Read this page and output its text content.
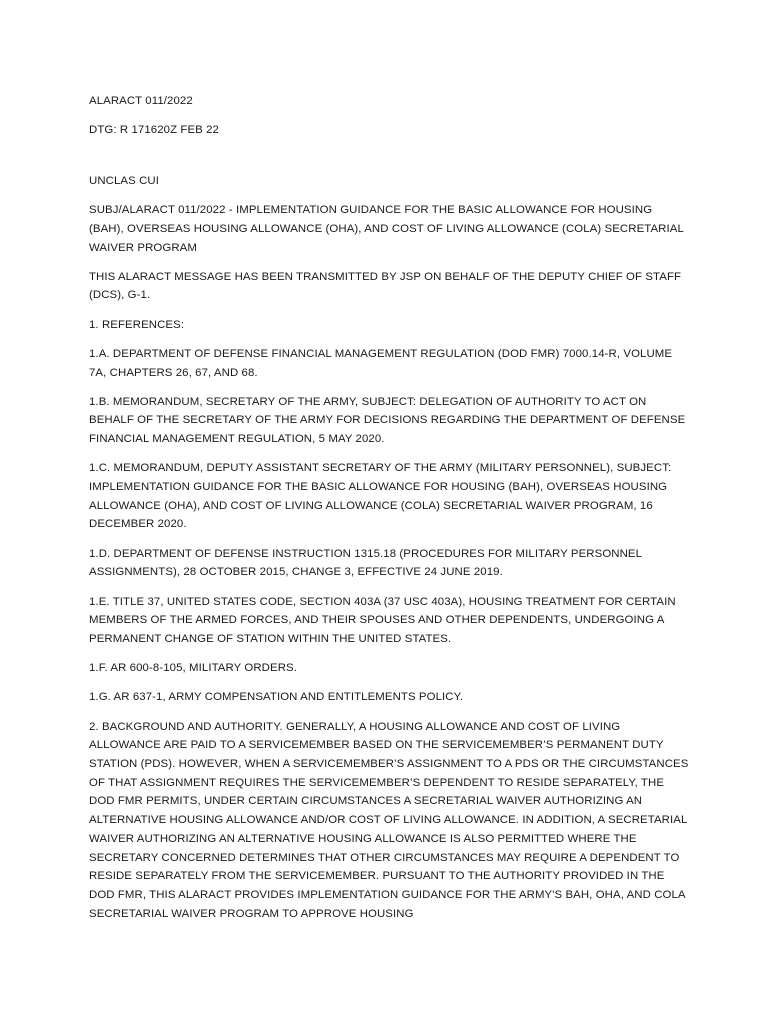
ALARACT 011/2022

DTG: R 171620Z FEB 22

UNCLAS CUI

SUBJ/ALARACT 011/2022 - IMPLEMENTATION GUIDANCE FOR THE BASIC ALLOWANCE FOR HOUSING (BAH), OVERSEAS HOUSING ALLOWANCE (OHA), AND COST OF LIVING ALLOWANCE (COLA) SECRETARIAL WAIVER PROGRAM

THIS ALARACT MESSAGE HAS BEEN TRANSMITTED BY JSP ON BEHALF OF THE DEPUTY CHIEF OF STAFF (DCS), G-1.

1. REFERENCES:

1.A. DEPARTMENT OF DEFENSE FINANCIAL MANAGEMENT REGULATION (DOD FMR) 7000.14-R, VOLUME 7A, CHAPTERS 26, 67, AND 68.

1.B. MEMORANDUM, SECRETARY OF THE ARMY, SUBJECT: DELEGATION OF AUTHORITY TO ACT ON BEHALF OF THE SECRETARY OF THE ARMY FOR DECISIONS REGARDING THE DEPARTMENT OF DEFENSE FINANCIAL MANAGEMENT REGULATION, 5 MAY 2020.

1.C. MEMORANDUM, DEPUTY ASSISTANT SECRETARY OF THE ARMY (MILITARY PERSONNEL), SUBJECT: IMPLEMENTATION GUIDANCE FOR THE BASIC ALLOWANCE FOR HOUSING (BAH), OVERSEAS HOUSING ALLOWANCE (OHA), AND COST OF LIVING ALLOWANCE (COLA) SECRETARIAL WAIVER PROGRAM, 16 DECEMBER 2020.

1.D. DEPARTMENT OF DEFENSE INSTRUCTION 1315.18 (PROCEDURES FOR MILITARY PERSONNEL ASSIGNMENTS), 28 OCTOBER 2015, CHANGE 3, EFFECTIVE 24 JUNE 2019.

1.E. TITLE 37, UNITED STATES CODE, SECTION 403A (37 USC 403A), HOUSING TREATMENT FOR CERTAIN MEMBERS OF THE ARMED FORCES, AND THEIR SPOUSES AND OTHER DEPENDENTS, UNDERGOING A PERMANENT CHANGE OF STATION WITHIN THE UNITED STATES.

1.F. AR 600-8-105, MILITARY ORDERS.

1.G. AR 637-1, ARMY COMPENSATION AND ENTITLEMENTS POLICY.

2. BACKGROUND AND AUTHORITY. GENERALLY, A HOUSING ALLOWANCE AND COST OF LIVING ALLOWANCE ARE PAID TO A SERVICEMEMBER BASED ON THE SERVICEMEMBER’S PERMANENT DUTY STATION (PDS). HOWEVER, WHEN A SERVICEMEMBER’S ASSIGNMENT TO A PDS OR THE CIRCUMSTANCES OF THAT ASSIGNMENT REQUIRES THE SERVICEMEMBER’S DEPENDENT TO RESIDE SEPARATELY, THE DOD FMR PERMITS, UNDER CERTAIN CIRCUMSTANCES A SECRETARIAL WAIVER AUTHORIZING AN ALTERNATIVE HOUSING ALLOWANCE AND/OR COST OF LIVING ALLOWANCE. IN ADDITION, A SECRETARIAL WAIVER AUTHORIZING AN ALTERNATIVE HOUSING ALLOWANCE IS ALSO PERMITTED WHERE THE SECRETARY CONCERNED DETERMINES THAT OTHER CIRCUMSTANCES MAY REQUIRE A DEPENDENT TO RESIDE SEPARATELY FROM THE SERVICEMEMBER. PURSUANT TO THE AUTHORITY PROVIDED IN THE DOD FMR, THIS ALARACT PROVIDES IMPLEMENTATION GUIDANCE FOR THE ARMY'S BAH, OHA, AND COLA SECRETARIAL WAIVER PROGRAM TO APPROVE HOUSING
